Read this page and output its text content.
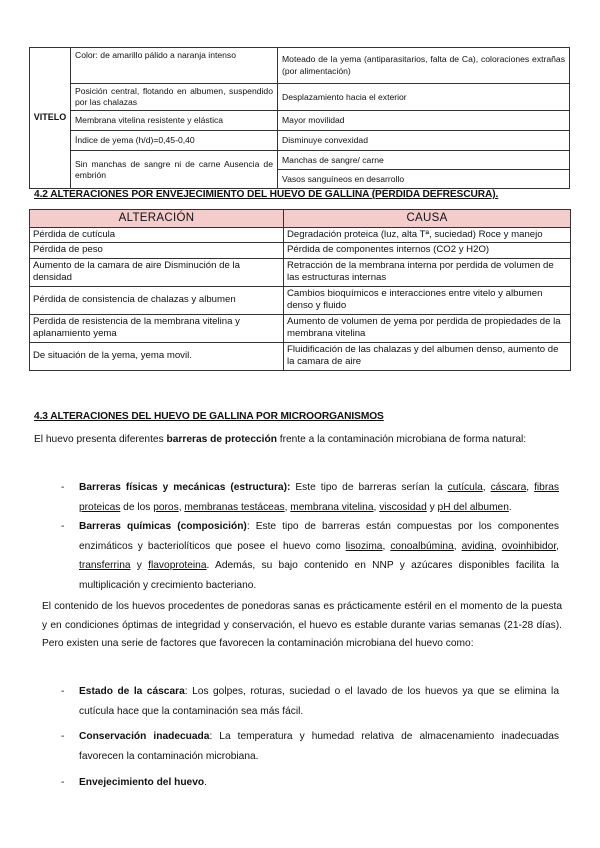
VITELO	Color: de amarillo pálido a naranja intenso	Moteado de la yema (antiparasitarios, falta de Ca), coloraciones extrañas (por alimentación)
	Posición central, flotando en albumen, suspendido por las chalazas	Desplazamiento hacia el exterior
	Membrana vitelina resistente y elástica	Mayor movilidad
	Índice de yema (h/d)=0,45-0,40	Disminuye convexidad
	Sin manchas de sangre ni de carne Ausencia de embrión	Manchas de sangre/ carne
		Vasos sanguíneos en desarrollo
4.2 ALTERACIONES POR ENVEJECIMIENTO DEL HUEVO DE GALLINA (PÉRDIDA DEFRESCURA).
ALTERACIÓN	CAUSA
Pérdida de cutícula	Degradación proteica (luz, alta Tª, suciedad) Roce y manejo
Pérdida de peso	Pérdida de componentes internos (CO2 y H2O)
Aumento de la camara de aire Disminución de la densidad	Retracción de la membrana interna por perdida de volumen de las estructuras internas
Pérdida de consistencia de chalazas y albumen	Cambios bioquímicos e interacciones entre vitelo y albumen denso y fluido
Perdida de resistencia de la membrana vitelina y aplanamiento yema	Aumento de volumen de yema por perdida de propiedades de la membrana vitelina
De situación de la yema, yema movil.	Fluidificación de las chalazas y del albumen denso, aumento de la camara de aire
4.3 ALTERACIONES DEL HUEVO DE GALLINA POR MICROORGANISMOS
El huevo presenta diferentes barreras de protección frente a la contaminación microbiana de forma natural:
- Barreras físicas y mecánicas (estructura): Este tipo de barreras serían la cutícula, cáscara, fibras proteicas de los poros, membranas testáceas, membrana vitelina, viscosidad y pH del albumen.
- Barreras químicas (composición): Este tipo de barreras están compuestas por los componentes enzimáticos y bacteriolíticos que posee el huevo como lisozima, conoalbúmina, avidina, ovoinhibidor, transferrina y flavoproteina. Además, su bajo contenido en NNP y azúcares disponibles facilita la multiplicación y crecimiento bacteriano.
El contenido de los huevos procedentes de ponedoras sanas es prácticamente estéril en el momento de la puesta y en condiciones óptimas de integridad y conservación, el huevo es estable durante varias semanas (21-28 días). Pero existen una serie de factores que favorecen la contaminación microbiana del huevo como:
- Estado de la cáscara: Los golpes, roturas, suciedad o el lavado de los huevos ya que se elimina la cutícula hace que la contaminación sea más fácil.
- Conservación inadecuada: La temperatura y humedad relativa de almacenamiento inadecuadas favorecen la contaminación microbiana.
- Envejecimiento del huevo.
